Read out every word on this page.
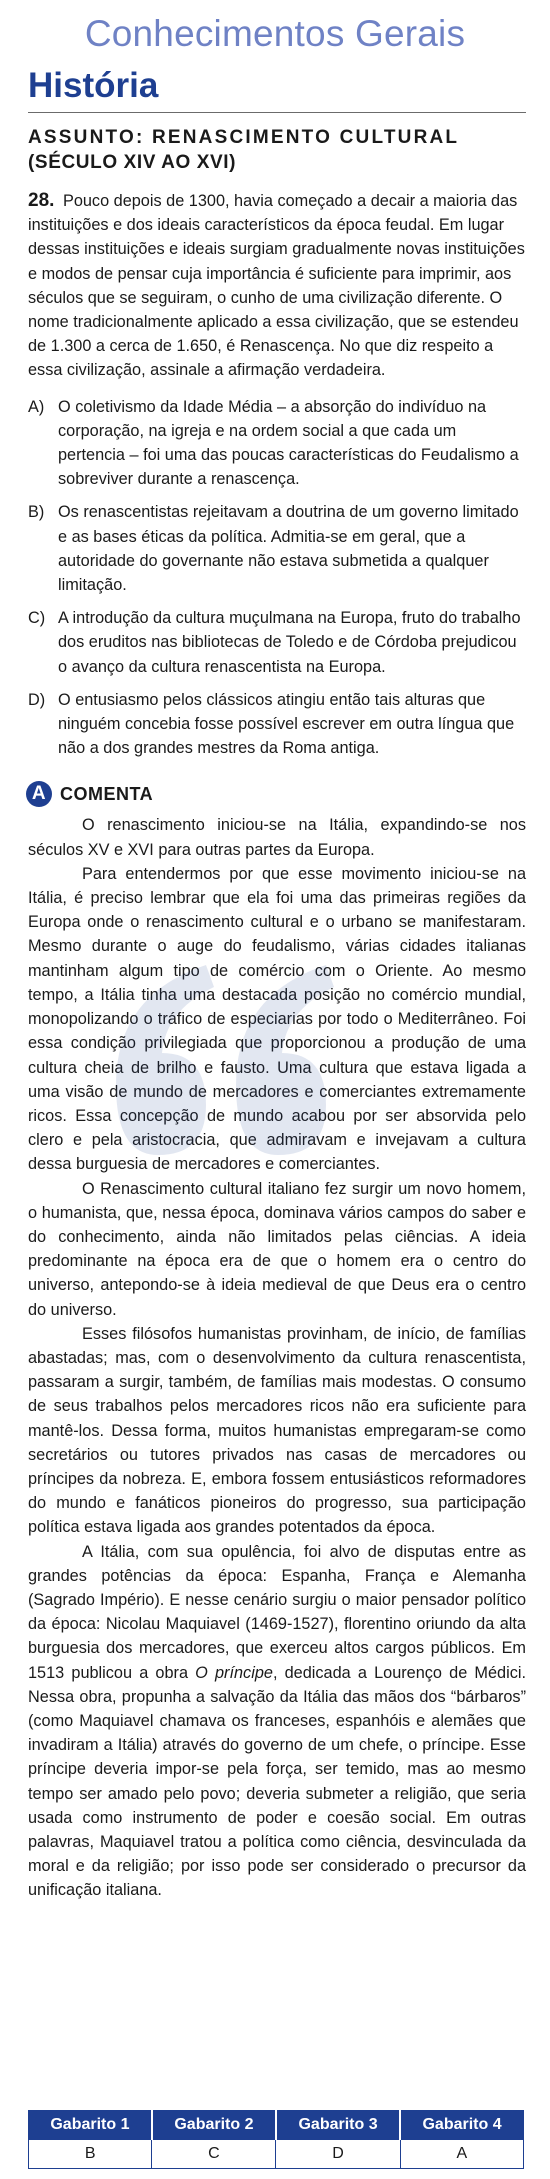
Conhecimentos Gerais
História
ASSUNTO: RENASCIMENTO CULTURAL
(SÉCULO XIV AO XVI)
28. Pouco depois de 1300, havia começado a decair a maioria das instituições e dos ideais característicos da época feudal. Em lugar dessas instituições e ideais surgiam gradualmente novas instituições e modos de pensar cuja importância é suficiente para imprimir, aos séculos que se seguiram, o cunho de uma civilização diferente. O nome tradicionalmente aplicado a essa civilização, que se estendeu de 1.300 a cerca de 1.650, é Renascença. No que diz respeito a essa civilização, assinale a afirmação verdadeira.
A) O coletivismo da Idade Média – a absorção do indivíduo na corporação, na igreja e na ordem social a que cada um pertencia – foi uma das poucas características do Feudalismo a sobreviver durante a renascença.
B) Os renascentistas rejeitavam a doutrina de um governo limitado e as bases éticas da política. Admitia-se em geral, que a autoridade do governante não estava submetida a qualquer limitação.
C) A introdução da cultura muçulmana na Europa, fruto do trabalho dos eruditos nas bibliotecas de Toledo e de Córdoba prejudicou o avanço da cultura renascentista na Europa.
D) O entusiasmo pelos clássicos atingiu então tais alturas que ninguém concebia fosse possível escrever em outra língua que não a dos grandes mestres da Roma antiga.
A COMENTA

O renascimento iniciou-se na Itália, expandindo-se nos séculos XV e XVI para outras partes da Europa.

Para entendermos por que esse movimento iniciou-se na Itália, é preciso lembrar que ela foi uma das primeiras regiões da Europa onde o renascimento cultural e o urbano se manifestaram. Mesmo durante o auge do feudalismo, várias cidades italianas mantinham algum tipo de comércio com o Oriente. Ao mesmo tempo, a Itália tinha uma destacada posição no comércio mundial, monopolizando o tráfico de especiarias por todo o Mediterrâneo. Foi essa condição privilegiada que proporcionou a produção de uma cultura cheia de brilho e fausto. Uma cultura que estava ligada a uma visão de mundo de mercadores e comerciantes extremamente ricos. Essa concepção de mundo acabou por ser absorvida pelo clero e pela aristocracia, que admiravam e invejavam a cultura dessa burguesia de mercadores e comerciantes.

O Renascimento cultural italiano fez surgir um novo homem, o humanista, que, nessa época, dominava vários campos do saber e do conhecimento, ainda não limitados pelas ciências. A ideia predominante na época era de que o homem era o centro do universo, antepondo-se à ideia medieval de que Deus era o centro do universo.

Esses filósofos humanistas provinham, de início, de famílias abastadas; mas, com o desenvolvimento da cultura renascentista, passaram a surgir, também, de famílias mais modestas. O consumo de seus trabalhos pelos mercadores ricos não era suficiente para mantê-los. Dessa forma, muitos humanistas empregaram-se como secretários ou tutores privados nas casas de mercadores ou príncipes da nobreza. E, embora fossem entusiásticos reformadores do mundo e fanáticos pioneiros do progresso, sua participação política estava ligada aos grandes potentados da época.

A Itália, com sua opulência, foi alvo de disputas entre as grandes potências da época: Espanha, França e Alemanha (Sagrado Império). E nesse cenário surgiu o maior pensador político da época: Nicolau Maquiavel (1469-1527), florentino oriundo da alta burguesia dos mercadores, que exerceu altos cargos públicos. Em 1513 publicou a obra O príncipe, dedicada a Lourenço de Médici. Nessa obra, propunha a salvação da Itália das mãos dos “bárbaros” (como Maquiavel chamava os franceses, espanhóis e alemães que invadiram a Itália) através do governo de um chefe, o príncipe. Esse príncipe deveria impor-se pela força, ser temido, mas ao mesmo tempo ser amado pelo povo; deveria submeter a religião, que seria usada como instrumento de poder e coesão social. Em outras palavras, Maquiavel tratou a política como ciência, desvinculada da moral e da religião; por isso pode ser considerado o precursor da unificação italiana.

Gabarito 1	Gabarito 2	Gabarito 3	Gabarito 4
B	C	D	A
